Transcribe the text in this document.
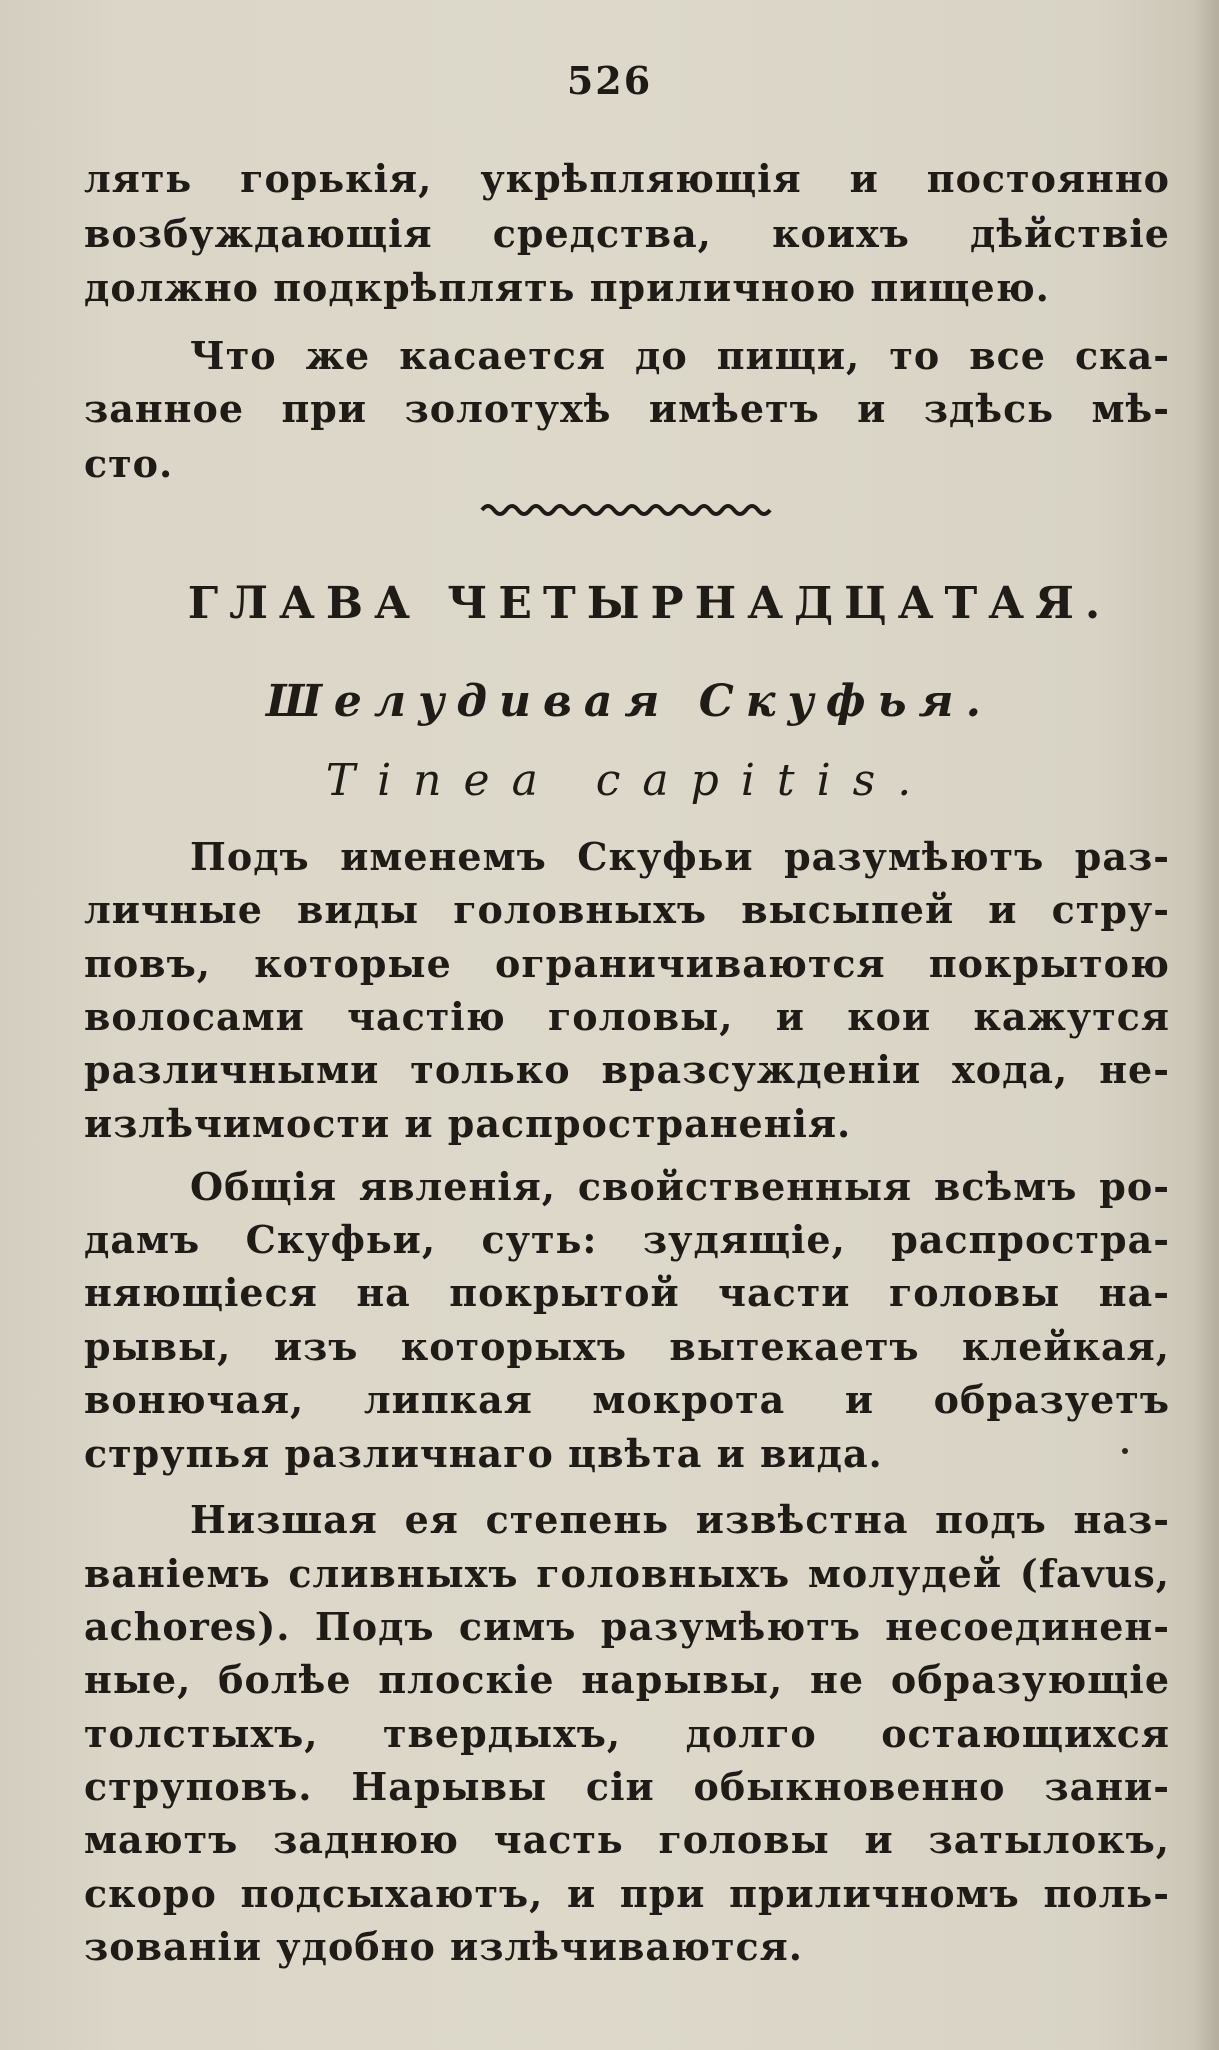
526
лять горькія, укрѣпляющія и постоянно
возбуждающія средства, коихъ дѣйствіе
должно подкрѣплять приличною пищею.
Что же касается до пищи, то все ска-
занное при золотухѣ имѣетъ и здѣсь мѣ-
сто.
ГЛАВА ЧЕТЫРНАДЦАТАЯ.
Шелудивая Скуфья.
Tinea capitis.
Подъ именемъ Скуфьи разумѣютъ раз-
личные виды головныхъ высыпей и стру-
повъ, которые ограничиваются покрытою
волосами частію головы, и кои кажутся
различными только вразсужденіи хода, не-
излѣчимости и распространенія.
Общія явленія, свойственныя всѣмъ ро-
дамъ Скуфьи, суть: зудящіе, распростра-
няющіеся на покрытой части головы на-
рывы, изъ которыхъ вытекаетъ клейкая,
вонючая, липкая мокрота и образуетъ
струпья различнаго цвѣта и вида.
Низшая ея степень извѣстна подъ наз-
ваніемъ сливныхъ головныхъ молудей (favus,
achores). Подъ симъ разумѣютъ несоединен-
ные, болѣе плоскіе нарывы, не образующіе
толстыхъ, твердыхъ, долго остающихся
струповъ. Нарывы сіи обыкновенно зани-
маютъ заднюю часть головы и затылокъ,
скоро подсыхаютъ, и при приличномъ поль-
зованіи удобно излѣчиваются.
